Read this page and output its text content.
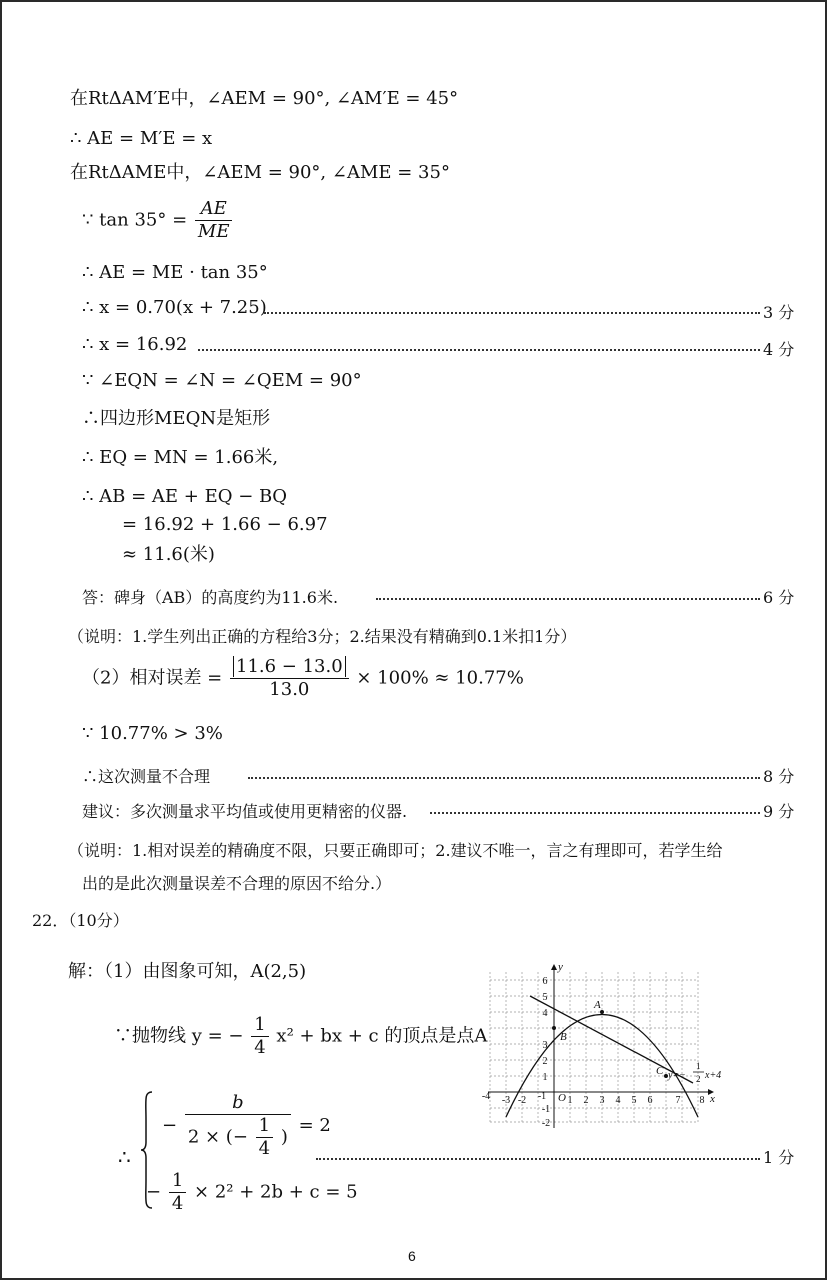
在RtΔAM′E中，∠AEM = 90°, ∠AM′E = 45°
∴ AE = M′E = x
在RtΔAME中，∠AEM = 90°, ∠AME = 35°
∵ $\tan 35^\circ = \frac{AE}{ME}$
∴ AE = ME · tan 35°
∴ x = 0.70(x + 7.25)	3 分
∴ x = 16.92	4 分
∵ ∠EQN = ∠N = ∠QEM = 90°
∴四边形MEQN是矩形
∴ EQ = MN = 1.66米,
∴ AB = AE + EQ − BQ
= 16.92 + 1.66 − 6.97
≈ 11.6(米)
答：碑身（AB）的高度约为11.6米.	6 分
（说明：1.学生列出正确的方程给3分；2.结果没有精确到0.1米扣1分）
（2）相对误差 = $\frac{11.6 - 13.0}{13.0} \times 100\% \approx 10.77\%$
∵ 10.77% > 3%
∴这次测量不合理	8 分
建议：多次测量求平均值或使用更精密的仪器.	9 分
（说明：1.相对误差的精确度不限，只要正确即可；2.建议不唯一，言之有理即可，若学生给
出的是此次测量误差不合理的原因不给分.）
22．（10分）
解：（1）由图象可知，A(2,5)
∵抛物线 y = − $\frac{1}{4} x^2$ + bx + c 的顶点是点A
∴
− $\frac{b}{2 \times (- \frac{1}{4} )} = 2$
− $\frac{1}{4} \times 2^2 + 2b + c = 5$
1 分
-4 -3 -2 -1 1 2 3 4 5 6 7 8
6
5
4
3
2
1
-1
-2
y
x
O
A
B
C y=−
1
2 x+4
6
